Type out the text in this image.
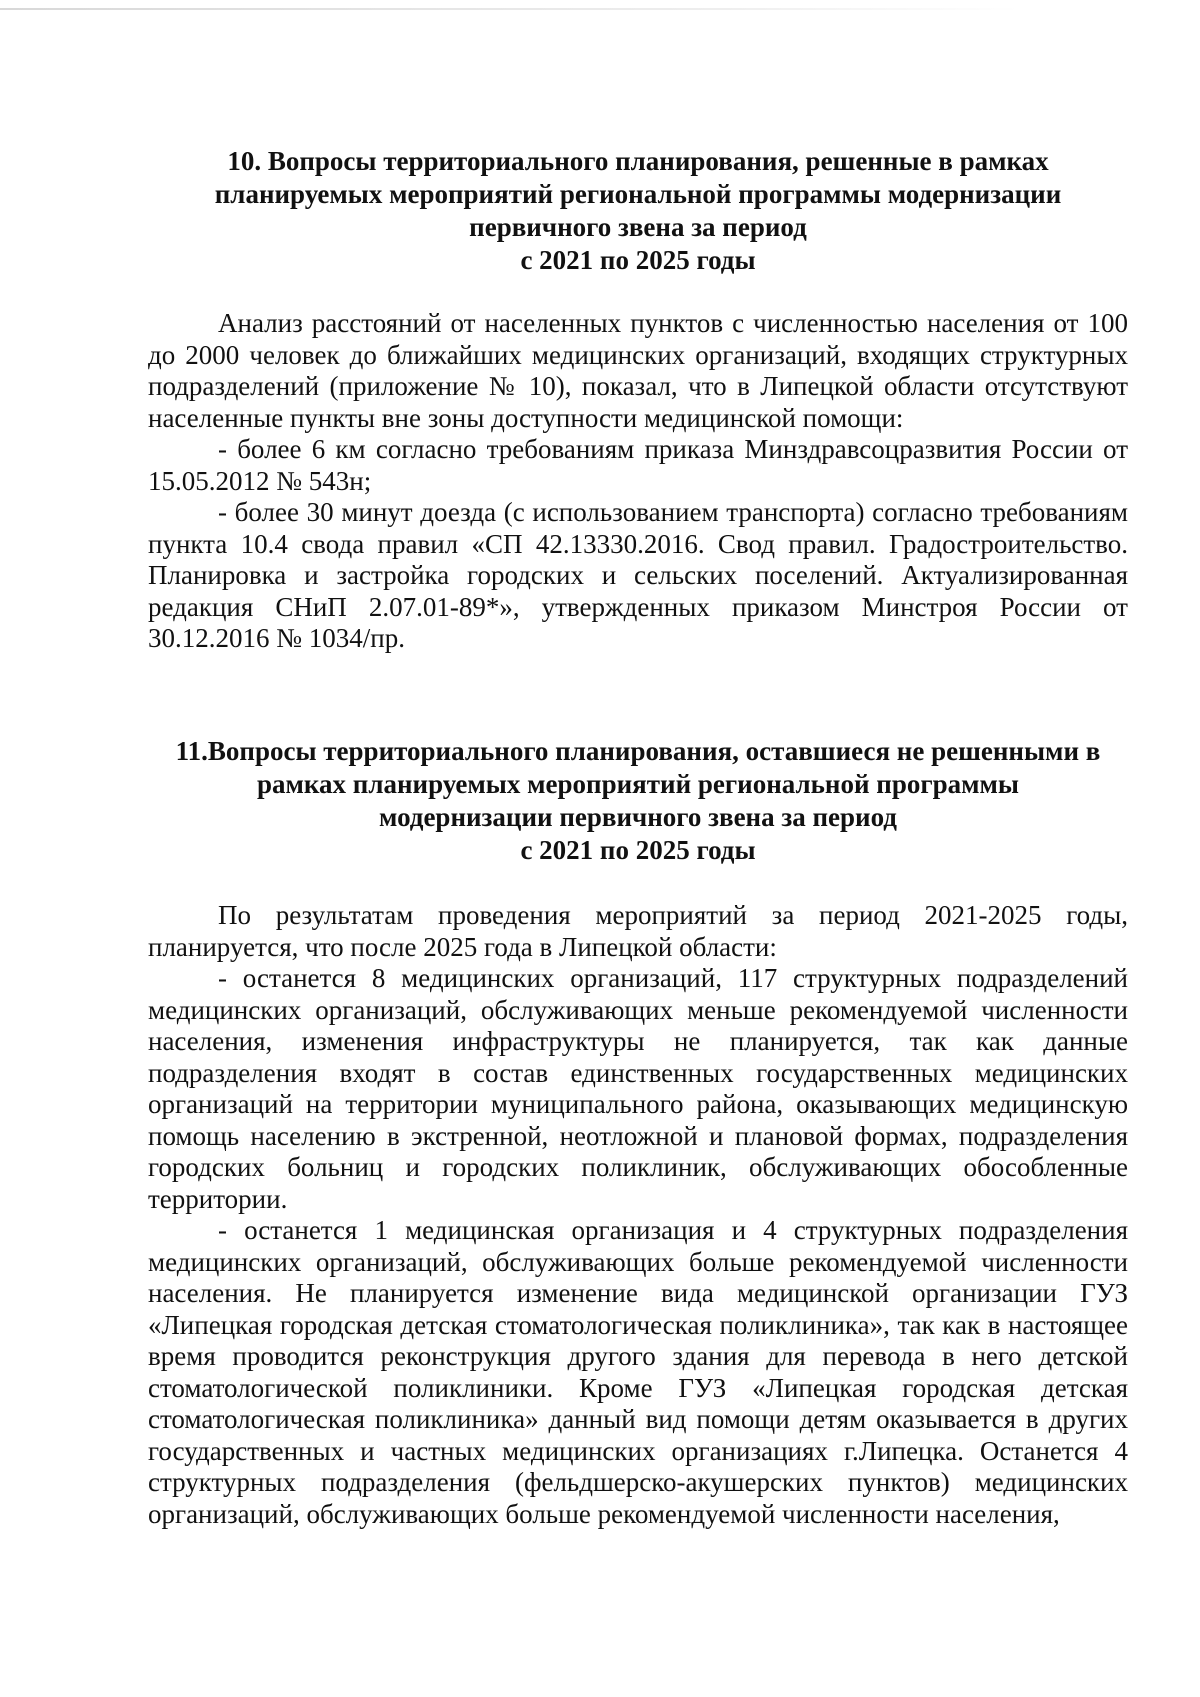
10. Вопросы территориального планирования, решенные в рамках
планируемых мероприятий региональной программы модернизации
первичного звена за период
с 2021 по 2025 годы

Анализ расстояний от населенных пунктов с численностью населения от 100 до 2000 человек до ближайших медицинских организаций, входящих структурных подразделений (приложение № 10), показал, что в Липецкой области отсутствуют населенные пункты вне зоны доступности медицинской помощи:

- более 6 км согласно требованиям приказа Минздравсоцразвития России от 15.05.2012 № 543н;

- более 30 минут доезда (с использованием транспорта) согласно требованиям пункта 10.4 свода правил «СП 42.13330.2016. Свод правил. Градостроительство. Планировка и застройка городских и сельских поселений. Актуализированная редакция СНиП 2.07.01-89*», утвержденных приказом Минстроя России от 30.12.2016 № 1034/пр.

11.Вопросы территориального планирования, оставшиеся не решенными в
рамках планируемых мероприятий региональной программы
модернизации первичного звена за период
с 2021 по 2025 годы

По результатам проведения мероприятий за период 2021-2025 годы, планируется, что после 2025 года в Липецкой области:

- останется 8 медицинских организаций, 117 структурных подразделений медицинских организаций, обслуживающих меньше рекомендуемой численности населения, изменения инфраструктуры не планируется, так как данные подразделения входят в состав единственных государственных медицинских организаций на территории муниципального района, оказывающих медицинскую помощь населению в экстренной, неотложной и плановой формах, подразделения городских больниц и городских поликлиник, обслуживающих обособленные территории.

- останется 1 медицинская организация и 4 структурных подразделения медицинских организаций, обслуживающих больше рекомендуемой численности населения. Не планируется изменение вида медицинской организации ГУЗ «Липецкая городская детская стоматологическая поликлиника», так как в настоящее время проводится реконструкция другого здания для перевода в него детской стоматологической поликлиники. Кроме ГУЗ «Липецкая городская детская стоматологическая поликлиника» данный вид помощи детям оказывается в других государственных и частных медицинских организациях г.Липецка. Останется 4 структурных подразделения (фельдшерско-акушерских пунктов) медицинских организаций, обслуживающих больше рекомендуемой численности населения,
